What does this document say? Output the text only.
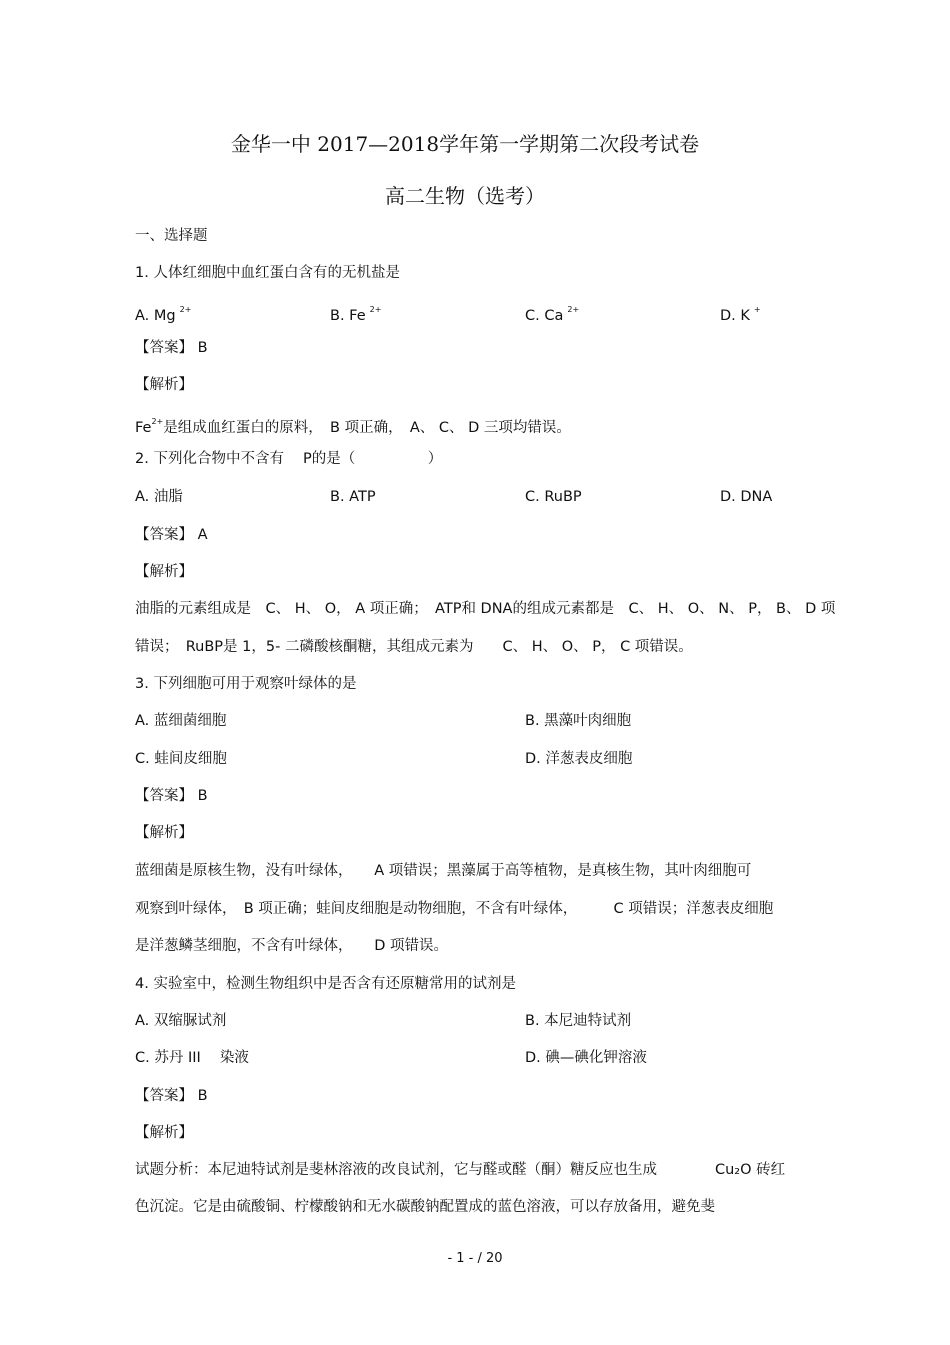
金华一中 2017—2018学年第一学期第二次段考试卷
高二生物（选考）
一、选择题
1. 人体红细胞中血红蛋白含有的无机盐是
A. Mg $^{2+}$	B. Fe $^{2+}$	C. Ca $^{2+}$	D. K +
【答案】 B
【解析】
$Fe^{2+}$是组成血红蛋白的原料，　B 项正确，　A、 C、 D 三项均错误。
2. 下列化合物中不含有　 P的是（　　　　　）
A. 油脂	B. ATP	C. RuBP	D. DNA
【答案】 A
【解析】
油脂的元素组成是　C、 H、 O， A 项正确；　ATP和 DNA的组成元素都是　C、 H、 O、 N、 P， B、 D 项
错误；　RuBP是 1，5- 二磷酸核酮糖，其组成元素为　　C、 H、 O、 P， C 项错误。
3. 下列细胞可用于观察叶绿体的是
A. 蓝细菌细胞	B. 黑藻叶肉细胞
C. 蛙间皮细胞	D. 洋葱表皮细胞
【答案】 B
【解析】
蓝细菌是原核生物，没有叶绿体，　　A 项错误；黑藻属于高等植物，是真核生物，其叶肉细胞可
观察到叶绿体，　B 项正确；蛙间皮细胞是动物细胞，不含有叶绿体，　　　C 项错误；洋葱表皮细胞
是洋葱鳞茎细胞，不含有叶绿体，　　D 项错误。
4. 实验室中，检测生物组织中是否含有还原糖常用的试剂是
A. 双缩脲试剂	B. 本尼迪特试剂
C. 苏丹 III　 染液	D. 碘—碘化钾溶液
【答案】 B
【解析】
试题分析：本尼迪特试剂是斐林溶液的改良试剂，它与醛或醛（酮）糖反应也生成　　　　Cu₂O 砖红
色沉淀。它是由硫酸铜、柠檬酸钠和无水碳酸钠配置成的蓝色溶液，可以存放备用，避免斐
- 1 - / 20
